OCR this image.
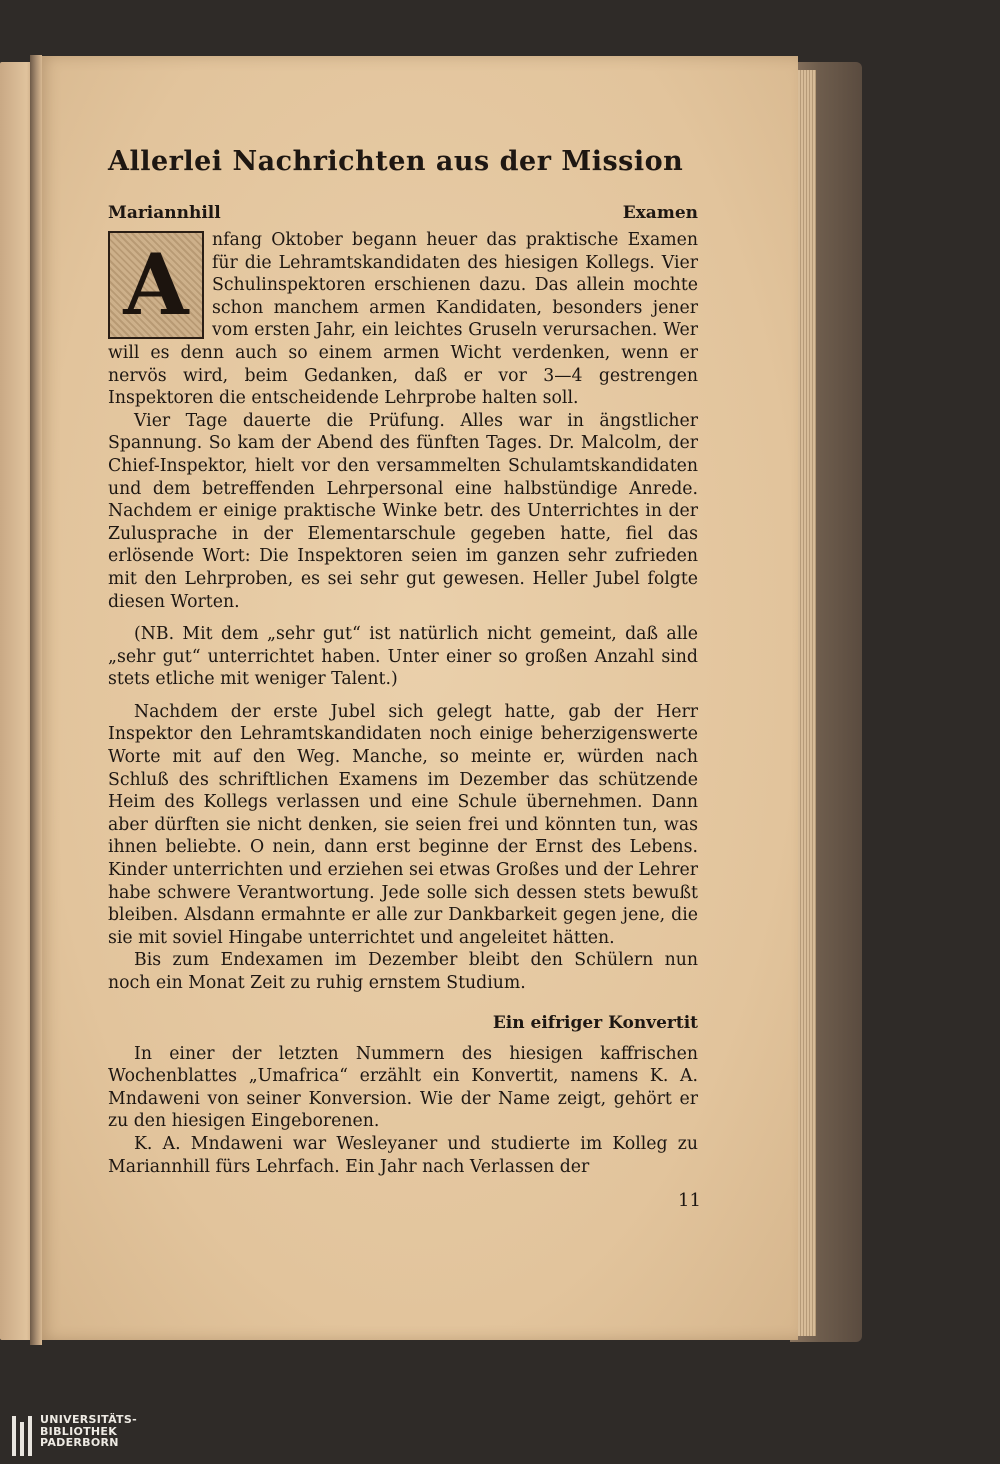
Allerlei Nachrichten aus der Mission
Mariannhill	Examen

A nfang Oktober begann heuer das praktische Examen für die Lehramtskandidaten des hiesigen Kollegs. Vier Schulinspektoren erschienen dazu. Das allein mochte schon manchem armen Kandidaten, besonders jener vom ersten Jahr, ein leichtes Gruseln verursachen. Wer will es denn auch so einem armen Wicht verdenken, wenn er nervös wird, beim Gedanken, daß er vor 3—4 gestrengen Inspektoren die entscheidende Lehrprobe halten soll.

Vier Tage dauerte die Prüfung. Alles war in ängstlicher Spannung. So kam der Abend des fünften Tages. Dr. Malcolm, der Chief-Inspektor, hielt vor den versammelten Schulamtskandidaten und dem betreffenden Lehrpersonal eine halbstündige Anrede. Nachdem er einige praktische Winke betr. des Unterrichtes in der Zulusprache in der Elementarschule gegeben hatte, fiel das erlösende Wort: Die Inspektoren seien im ganzen sehr zufrieden mit den Lehrproben, es sei sehr gut gewesen. Heller Jubel folgte diesen Worten.

(NB. Mit dem „sehr gut“ ist natürlich nicht gemeint, daß alle „sehr gut“ unterrichtet haben. Unter einer so großen Anzahl sind stets etliche mit weniger Talent.)

Nachdem der erste Jubel sich gelegt hatte, gab der Herr Inspektor den Lehramtskandidaten noch einige beherzigenswerte Worte mit auf den Weg. Manche, so meinte er, würden nach Schluß des schriftlichen Examens im Dezember das schützende Heim des Kollegs verlassen und eine Schule übernehmen. Dann aber dürften sie nicht denken, sie seien frei und könnten tun, was ihnen beliebte. O nein, dann erst beginne der Ernst des Lebens. Kinder unterrichten und erziehen sei etwas Großes und der Lehrer habe schwere Verantwortung. Jede solle sich dessen stets bewußt bleiben. Alsdann ermahnte er alle zur Dankbarkeit gegen jene, die sie mit soviel Hingabe unterrichtet und angeleitet hätten.

Bis zum Endexamen im Dezember bleibt den Schülern nun noch ein Monat Zeit zu ruhig ernstem Studium.

Ein eifriger Konvertit

In einer der letzten Nummern des hiesigen kaffrischen Wochenblattes „Umafrica“ erzählt ein Konvertit, namens K. A. Mndaweni von seiner Konversion. Wie der Name zeigt, gehört er zu den hiesigen Eingeborenen.

K. A. Mndaweni war Wesleyaner und studierte im Kolleg zu Mariannhill fürs Lehrfach. Ein Jahr nach Verlassen der

11
UNIVERSITÄTS-
BIBLIOTHEK
PADERBORN
